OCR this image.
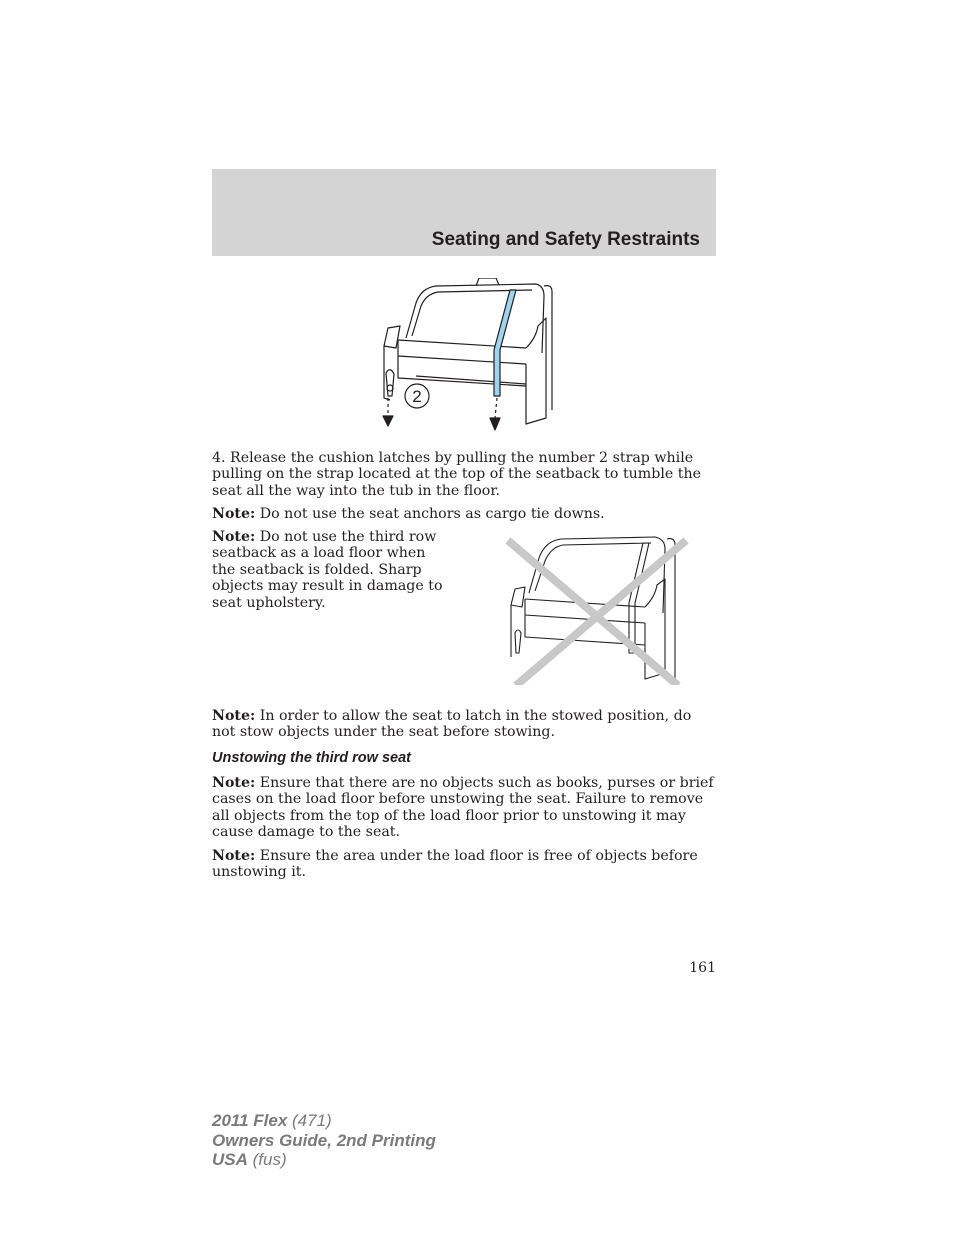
Seating and Safety Restraints
2

4. Release the cushion latches by pulling the number 2 strap while pulling on the strap located at the top of the seatback to tumble the seat all the way into the tub in the floor.

Note: Do not use the seat anchors as cargo tie downs.

Note: Do not use the third row seatback as a load floor when the seatback is folded. Sharp objects may result in damage to seat upholstery.

Note: In order to allow the seat to latch in the stowed position, do not stow objects under the seat before stowing.

Unstowing the third row seat

Note: Ensure that there are no objects such as books, purses or brief cases on the load floor before unstowing the seat. Failure to remove all objects from the top of the load floor prior to unstowing it may cause damage to the seat.

Note: Ensure the area under the load floor is free of objects before unstowing it.

161

2011 Flex (471)
Owners Guide, 2nd Printing
USA (fus)
